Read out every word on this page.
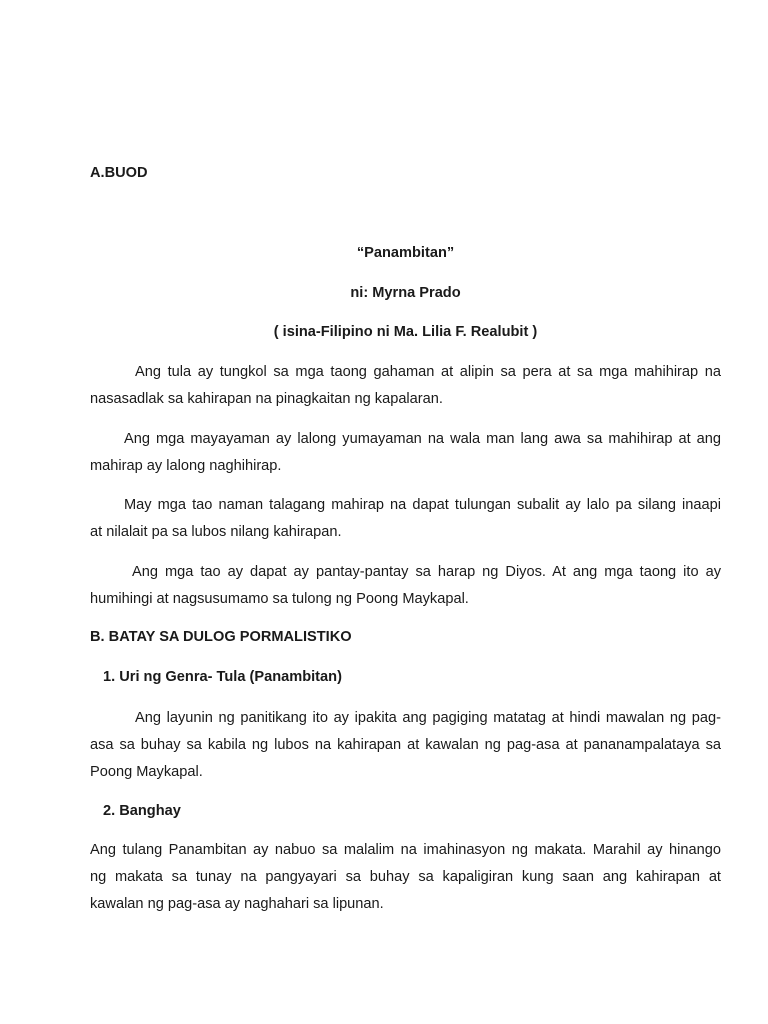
A.BUOD
“Panambitan”
ni: Myrna Prado
( isina-Filipino ni Ma. Lilia F. Realubit )
Ang tula ay tungkol sa mga taong gahaman at alipin sa pera at sa mga mahihirap na
nasasadlak sa kahirapan na pinagkaitan ng kapalaran.
Ang mga mayayaman ay lalong yumayaman na wala man lang awa sa mahihirap at ang
mahirap ay lalong naghihirap.
May mga tao naman talagang mahirap na dapat tulungan subalit ay lalo pa silang inaapi
at nilalait pa sa lubos nilang kahirapan.
Ang mga tao ay dapat ay pantay-pantay sa harap ng Diyos. At ang mga taong ito ay
humihingi at nagsusumamo sa tulong ng Poong Maykapal.
B. BATAY SA DULOG PORMALISTIKO
1. Uri ng Genra- Tula (Panambitan)
Ang layunin ng panitikang ito ay ipakita ang pagiging matatag at hindi mawalan ng pag-
asa sa buhay sa kabila ng lubos na kahirapan at kawalan ng pag-asa at pananampalataya sa
Poong Maykapal.
2. Banghay
Ang tulang Panambitan ay nabuo sa malalim na imahinasyon ng makata. Marahil ay hinango
ng makata sa tunay na pangyayari sa buhay sa kapaligiran kung saan ang kahirapan at
kawalan ng pag-asa ay naghahari sa lipunan.
